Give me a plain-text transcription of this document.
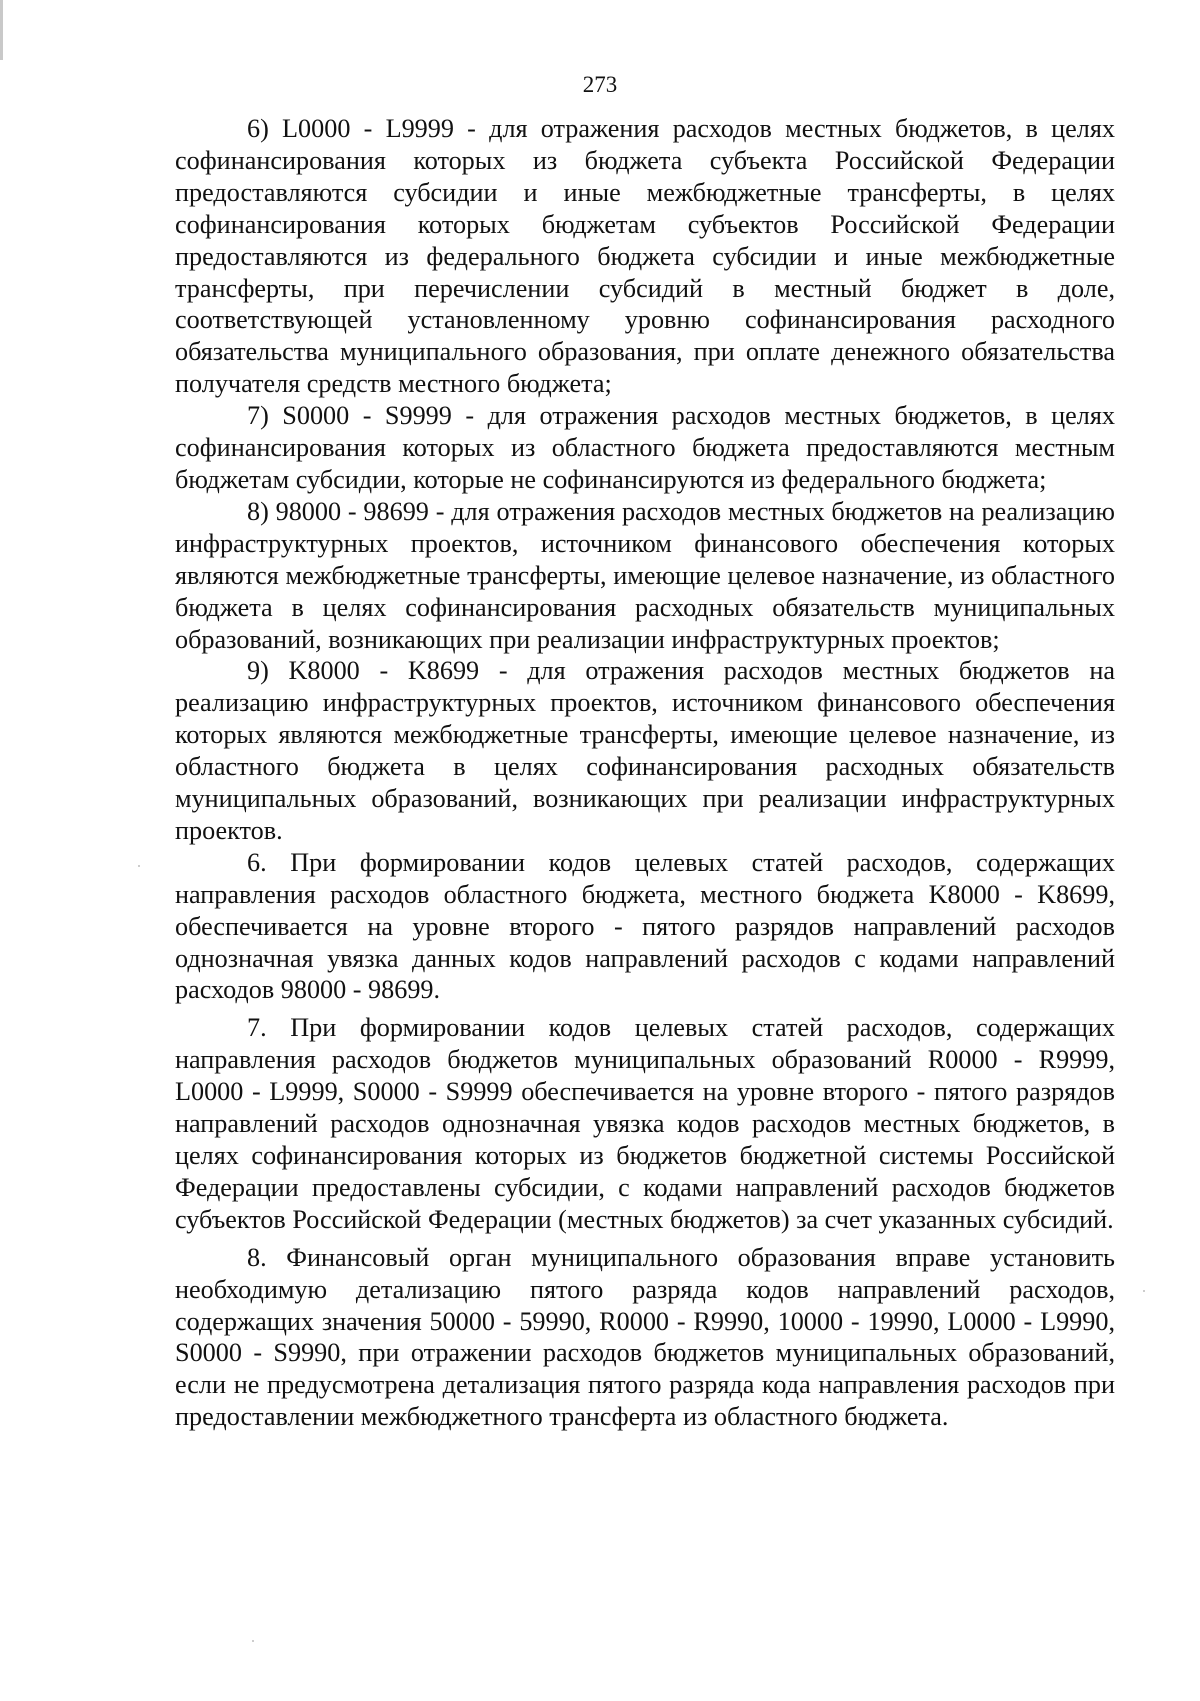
273

6) L0000 - L9999 - для отражения расходов местных бюджетов, в целях софинансирования которых из бюджета субъекта Российской Федерации предоставляются субсидии и иные межбюджетные трансферты, в целях софинансирования которых бюджетам субъектов Российской Федерации предоставляются из федерального бюджета субсидии и иные межбюджетные трансферты, при перечислении субсидий в местный бюджет в доле, соответствующей установленному уровню софинансирования расходного обязательства муниципального образования, при оплате денежного обязательства получателя средств местного бюджета;

7) S0000 - S9999 - для отражения расходов местных бюджетов, в целях софинансирования которых из областного бюджета предоставляются местным бюджетам субсидии, которые не софинансируются из федерального бюджета;

8) 98000 - 98699 - для отражения расходов местных бюджетов на реализацию инфраструктурных проектов, источником финансового обеспечения которых являются межбюджетные трансферты, имеющие целевое назначение, из областного бюджета в целях софинансирования расходных обязательств муниципальных образований, возникающих при реализации инфраструктурных проектов;

9) K8000 - K8699 - для отражения расходов местных бюджетов на реализацию инфраструктурных проектов, источником финансового обеспечения которых являются межбюджетные трансферты, имеющие целевое назначение, из областного бюджета в целях софинансирования расходных обязательств муниципальных образований, возникающих при реализации инфраструктурных проектов.

6. При формировании кодов целевых статей расходов, содержащих направления расходов областного бюджета, местного бюджета K8000 - K8699, обеспечивается на уровне второго - пятого разрядов направлений расходов однозначная увязка данных кодов направлений расходов с кодами направлений расходов 98000 - 98699.

7. При формировании кодов целевых статей расходов, содержащих направления расходов бюджетов муниципальных образований R0000 - R9999, L0000 - L9999, S0000 - S9999 обеспечивается на уровне второго - пятого разрядов направлений расходов однозначная увязка кодов расходов местных бюджетов, в целях софинансирования которых из бюджетов бюджетной системы Российской Федерации предоставлены субсидии, с кодами направлений расходов бюджетов субъектов Российской Федерации (местных бюджетов) за счет указанных субсидий.

8. Финансовый орган муниципального образования вправе установить необходимую детализацию пятого разряда кодов направлений расходов, содержащих значения 50000 - 59990, R0000 - R9990, 10000 - 19990, L0000 - L9990, S0000 - S9990, при отражении расходов бюджетов муниципальных образований, если не предусмотрена детализация пятого разряда кода направления расходов при предоставлении межбюджетного трансферта из областного бюджета.
